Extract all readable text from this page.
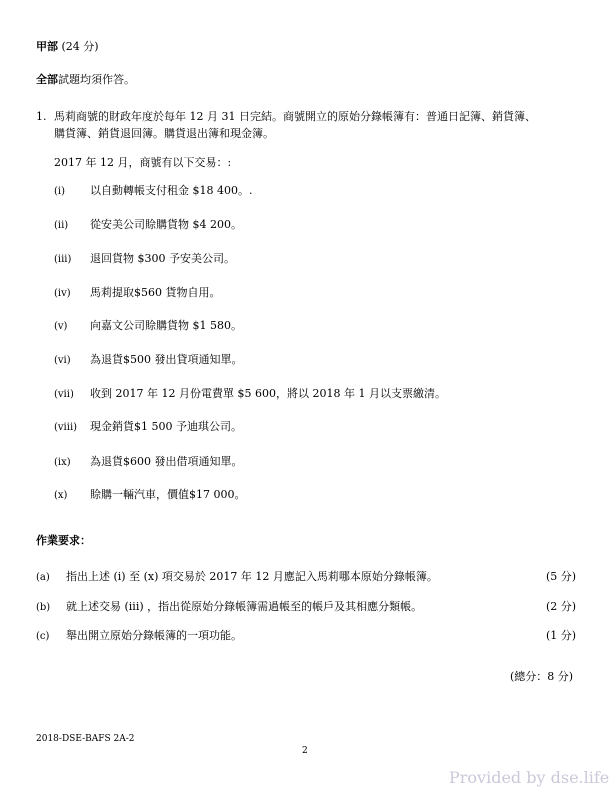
甲部 (24 分)
全部試題均須作答。
1. 馬莉商號的財政年度於每年 12 月 31 日完結。商號開立的原始分錄帳簿有：普通日記簿、銷貨簿、
購貨簿、銷貨退回簿。購貨退出簿和現金簿。
2017 年 12 月，商號有以下交易：:
(i) 以自動轉帳支付租金 $18 400。.
(ii) 從安美公司賒購貨物 $4 200。
(iii) 退回貨物 $300 予安美公司。
(iv) 馬莉提取$560 貨物自用。
(v) 向嘉文公司賒購貨物 $1 580。
(vi) 為退貨$500 發出貸項通知單。
(vii) 收到 2017 年 12 月份電費單 $5 600，將以 2018 年 1 月以支票繳清。
(viii) 現金銷貨$1 500 予迪琪公司。
(ix) 為退貨$600 發出借項通知單。
(x) 賒購一輛汽車，價值$17 000。
作業要求：
(a) 指出上述 (i) 至 (x) 項交易於 2017 年 12 月應記入馬莉哪本原始分錄帳簿。	(5 分)
(b) 就上述交易 (iii) ，指出從原始分錄帳簿需過帳至的帳戶及其相應分類帳。	(2 分)
(c) 舉出開立原始分錄帳簿的一項功能。	(1 分)
(總分：8 分)
2018-DSE-BAFS 2A-2
2
Provided by dse.life
